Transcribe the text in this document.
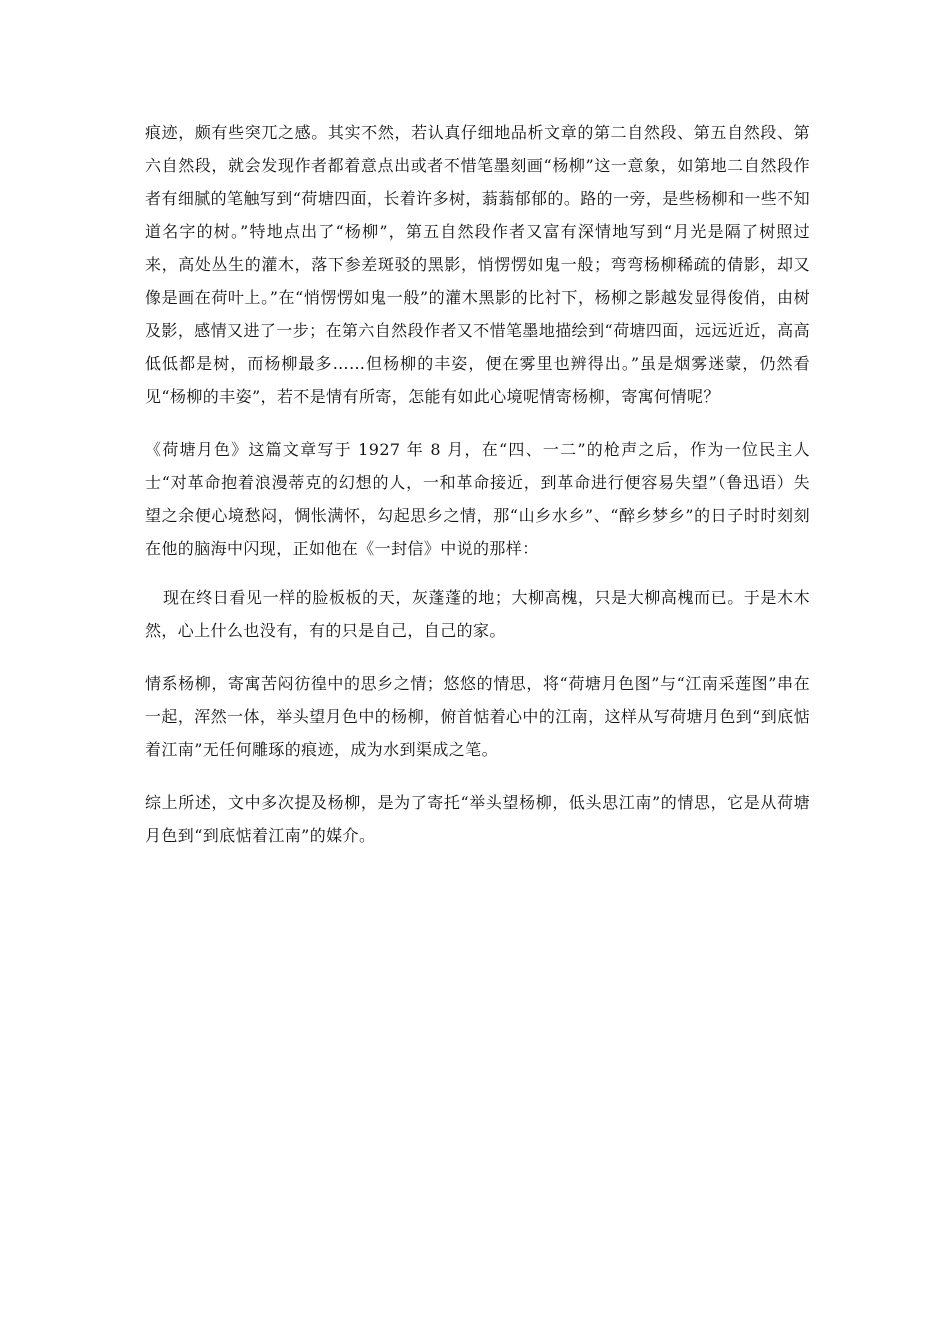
痕迹，颇有些突兀之感。其实不然，若认真仔细地品析文章的第二自然段、第五自然段、第六自然段，就会发现作者都着意点出或者不惜笔墨刻画“杨柳”这一意象，如第地二自然段作者有细腻的笔触写到“荷塘四面，长着许多树，蓊蓊郁郁的。路的一旁，是些杨柳和一些不知道名字的树。”特地点出了“杨柳”，第五自然段作者又富有深情地写到“月光是隔了树照过来，高处丛生的灌木，落下参差斑驳的黑影，悄愣愣如鬼一般；弯弯杨柳稀疏的倩影，却又像是画在荷叶上。”在“悄愣愣如鬼一般”的灌木黑影的比衬下，杨柳之影越发显得俊俏，由树及影，感情又进了一步；在第六自然段作者又不惜笔墨地描绘到“荷塘四面，远远近近，高高低低都是树，而杨柳最多……但杨柳的丰姿，便在雾里也辨得出。”虽是烟雾迷蒙，仍然看见“杨柳的丰姿”，若不是情有所寄，怎能有如此心境呢情寄杨柳，寄寓何情呢？

《荷塘月色》这篇文章写于 1927 年 8 月，在“四、一二”的枪声之后，作为一位民主人士“对革命抱着浪漫蒂克的幻想的人，一和革命接近，到革命进行便容易失望”（鲁迅语）失望之余便心境愁闷，惆怅满怀，勾起思乡之情，那“山乡水乡”、“醉乡梦乡”的日子时时刻刻在他的脑海中闪现，正如他在《一封信》中说的那样：

现在终日看见一样的脸板板的天，灰蓬蓬的地；大柳高槐，只是大柳高槐而已。于是木木然，心上什么也没有，有的只是自己，自己的家。

情系杨柳，寄寓苦闷彷徨中的思乡之情；悠悠的情思，将“荷塘月色图”与“江南采莲图”串在一起，浑然一体，举头望月色中的杨柳，俯首惦着心中的江南，这样从写荷塘月色到“到底惦着江南”无任何雕琢的痕迹，成为水到渠成之笔。

综上所述，文中多次提及杨柳，是为了寄托“举头望杨柳，低头思江南”的情思，它是从荷塘月色到“到底惦着江南”的媒介。
